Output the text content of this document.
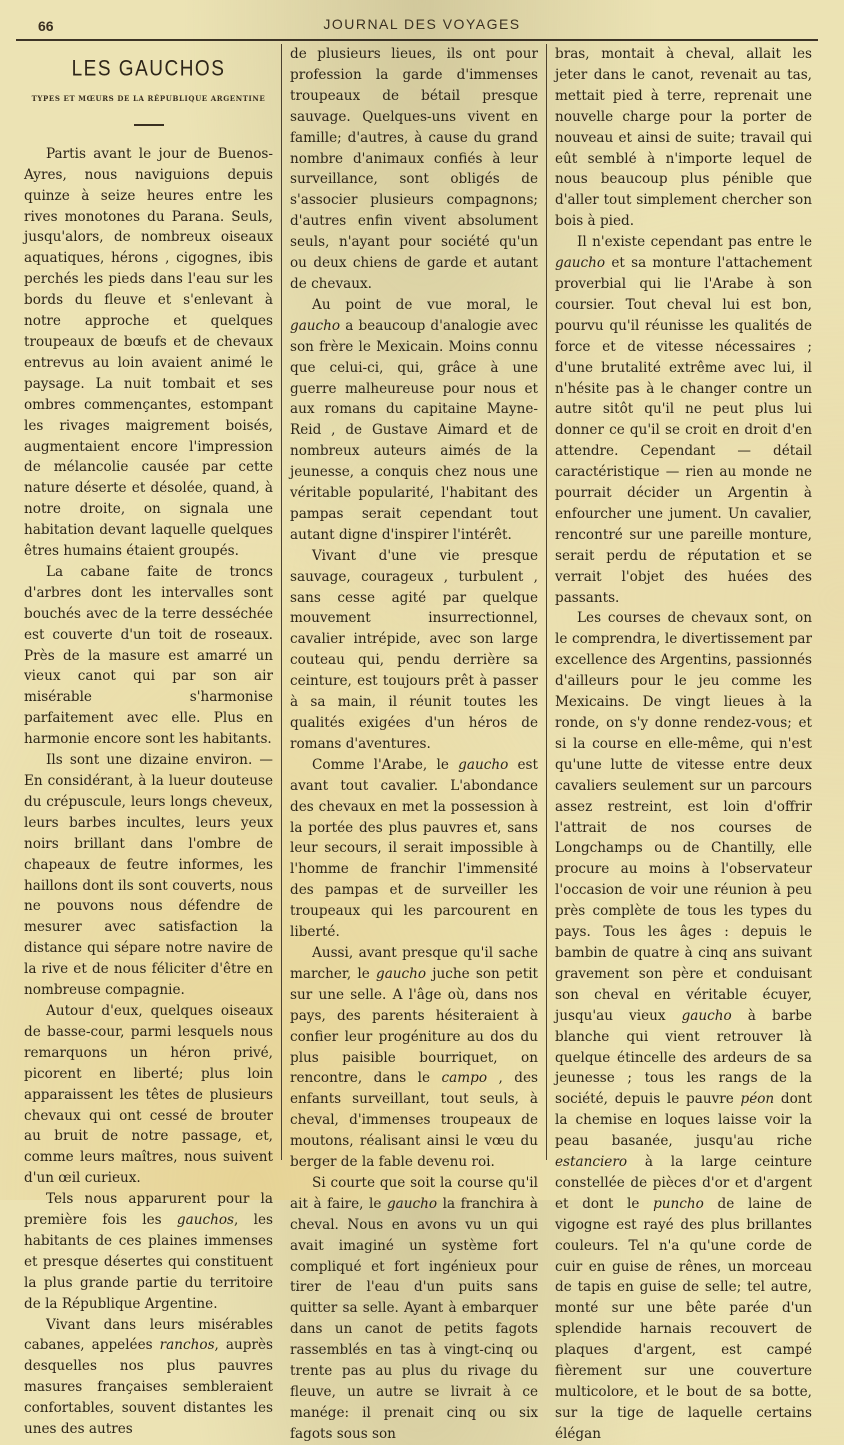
66	JOURNAL DES VOYAGES
LES GAUCHOS
TYPES ET MŒURS DE LA RÉPUBLIQUE ARGENTINE

Partis avant le jour de Buenos-Ayres, nous naviguions depuis quinze à seize heures entre les rives monotones du Parana. Seuls, jusqu'alors, de nombreux oiseaux aquatiques, hérons , cigognes, ibis perchés les pieds dans l'eau sur les bords du fleuve et s'enlevant à notre approche et quelques troupeaux de bœufs et de chevaux entrevus au loin avaient animé le paysage. La nuit tombait et ses ombres commençantes, estompant les rivages maigrement boisés, augmentaient encore l'impression de mélancolie causée par cette nature déserte et désolée, quand, à notre droite, on signala une habitation devant laquelle quelques êtres humains étaient groupés.

La cabane faite de troncs d'arbres dont les intervalles sont bouchés avec de la terre desséchée est couverte d'un toit de roseaux. Près de la masure est amarré un vieux canot qui par son air misérable s'harmonise parfaitement avec elle. Plus en harmonie encore sont les habitants.

Ils sont une dizaine environ. — En considérant, à la lueur douteuse du crépuscule, leurs longs cheveux, leurs barbes incultes, leurs yeux noirs brillant dans l'ombre de chapeaux de feutre informes, les haillons dont ils sont couverts, nous ne pouvons nous défendre de mesurer avec satisfaction la distance qui sépare notre navire de la rive et de nous féliciter d'être en nombreuse compagnie.

Autour d'eux, quelques oiseaux de basse-cour, parmi lesquels nous remarquons un héron privé, picorent en liberté; plus loin apparaissent les têtes de plusieurs chevaux qui ont cessé de brouter au bruit de notre passage, et, comme leurs maîtres, nous suivent d'un œil curieux.

Tels nous apparurent pour la première fois les gauchos, les habitants de ces plaines immenses et presque désertes qui constituent la plus grande partie du territoire de la République Argentine.

Vivant dans leurs misérables cabanes, appelées ranchos, auprès desquelles nos plus pauvres masures françaises sembleraient confortables, souvent distantes les unes des autres

de plusieurs lieues, ils ont pour profession la garde d'immenses troupeaux de bétail presque sauvage. Quelques-uns vivent en famille; d'autres, à cause du grand nombre d'animaux confiés à leur surveillance, sont obligés de s'associer plusieurs compagnons; d'autres enfin vivent absolument seuls, n'ayant pour société qu'un ou deux chiens de garde et autant de chevaux.

Au point de vue moral, le gaucho a beaucoup d'analogie avec son frère le Mexicain. Moins connu que celui-ci, qui, grâce à une guerre malheureuse pour nous et aux romans du capitaine Mayne-Reid , de Gustave Aimard et de nombreux auteurs aimés de la jeunesse, a conquis chez nous une véritable popularité, l'habitant des pampas serait cependant tout autant digne d'inspirer l'intérêt.

Vivant d'une vie presque sauvage, courageux , turbulent , sans cesse agité par quelque mouvement insurrectionnel, cavalier intrépide, avec son large couteau qui, pendu derrière sa ceinture, est toujours prêt à passer à sa main, il réunit toutes les qualités exigées d'un héros de romans d'aventures.

Comme l'Arabe, le gaucho est avant tout cavalier. L'abondance des chevaux en met la possession à la portée des plus pauvres et, sans leur secours, il serait impossible à l'homme de franchir l'immensité des pampas et de surveiller les troupeaux qui les parcourent en liberté.

Aussi, avant presque qu'il sache marcher, le gaucho juche son petit sur une selle. A l'âge où, dans nos pays, des parents hésiteraient à confier leur progéniture au dos du plus paisible bourriquet, on rencontre, dans le campo , des enfants surveillant, tout seuls, à cheval, d'immenses troupeaux de moutons, réalisant ainsi le vœu du berger de la fable devenu roi.

Si courte que soit la course qu'il ait à faire, le gaucho la franchira à cheval. Nous en avons vu un qui avait imaginé un système fort compliqué et fort ingénieux pour tirer de l'eau d'un puits sans quitter sa selle. Ayant à embarquer dans un canot de petits fagots rassemblés en tas à vingt-cinq ou trente pas au plus du rivage du fleuve, un autre se livrait à ce manége: il prenait cinq ou six fagots sous son

bras, montait à cheval, allait les jeter dans le canot, revenait au tas, mettait pied à terre, reprenait une nouvelle charge pour la porter de nouveau et ainsi de suite; travail qui eût semblé à n'importe lequel de nous beaucoup plus pénible que d'aller tout simplement chercher son bois à pied.

Il n'existe cependant pas entre le gaucho et sa monture l'attachement proverbial qui lie l'Arabe à son coursier. Tout cheval lui est bon, pourvu qu'il réunisse les qualités de force et de vitesse nécessaires ; d'une brutalité extrême avec lui, il n'hésite pas à le changer contre un autre sitôt qu'il ne peut plus lui donner ce qu'il se croit en droit d'en attendre. Cependant — détail caractéristique — rien au monde ne pourrait décider un Argentin à enfourcher une jument. Un cavalier, rencontré sur une pareille monture, serait perdu de réputation et se verrait l'objet des huées des passants.

Les courses de chevaux sont, on le comprendra, le divertissement par excellence des Argentins, passionnés d'ailleurs pour le jeu comme les Mexicains. De vingt lieues à la ronde, on s'y donne rendez-vous; et si la course en elle-même, qui n'est qu'une lutte de vitesse entre deux cavaliers seulement sur un parcours assez restreint, est loin d'offrir l'attrait de nos courses de Longchamps ou de Chantilly, elle procure au moins à l'observateur l'occasion de voir une réunion à peu près complète de tous les types du pays. Tous les âges : depuis le bambin de quatre à cinq ans suivant gravement son père et conduisant son cheval en véritable écuyer, jusqu'au vieux gaucho à barbe blanche qui vient retrouver là quelque étincelle des ardeurs de sa jeunesse ; tous les rangs de la société, depuis le pauvre péon dont la chemise en loques laisse voir la peau basanée, jusqu'au riche estanciero à la large ceinture constellée de pièces d'or et d'argent et dont le puncho de laine de vigogne est rayé des plus brillantes couleurs. Tel n'a qu'une corde de cuir en guise de rênes, un morceau de tapis en guise de selle; tel autre, monté sur une bête parée d'un splendide harnais recouvert de plaques d'argent, est campé fièrement sur une couverture multicolore, et le bout de sa botte, sur la tige de laquelle certains élégan
